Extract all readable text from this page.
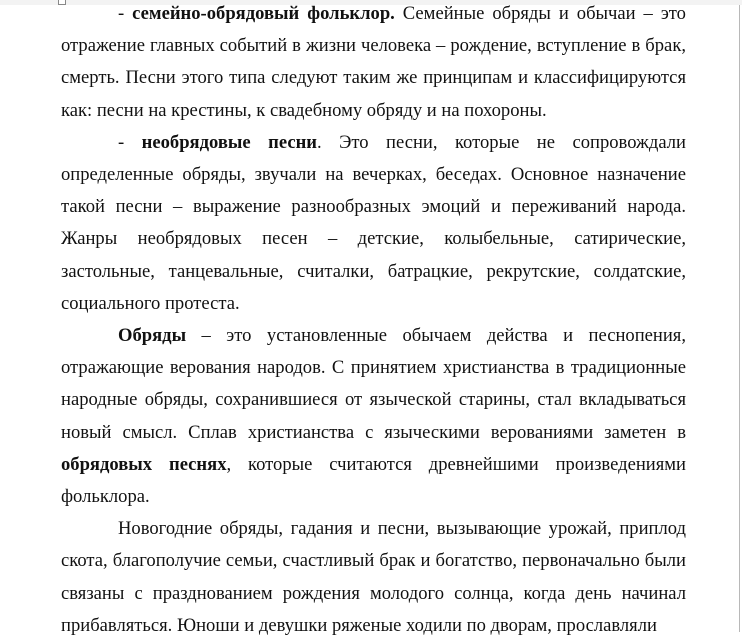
- семейно-обрядовый фольклор. Семейные обряды и обычаи – это отражение главных событий в жизни человека – рождение, вступление в брак, смерть. Песни этого типа следуют таким же принципам и классифицируются как: песни на крестины, к свадебному обряду и на похороны.

- необрядовые песни. Это песни, которые не сопровождали определенные обряды, звучали на вечерках, беседах. Основное назначение такой песни – выражение разнообразных эмоций и переживаний народа. Жанры необрядовых песен – детские, колыбельные, сатирические, застольные, танцевальные, считалки, батрацкие, рекрутские, солдатские, социального протеста.

Обряды – это установленные обычаем действа и песнопения, отражающие верования народов. С принятием христианства в традиционные народные обряды, сохранившиеся от языческой старины, стал вкладываться новый смысл. Сплав христианства с языческими верованиями заметен в обрядовых песнях, которые считаются древнейшими произведениями фольклора.

Новогодние обряды, гадания и песни, вызывающие урожай, приплод скота, благополучие семьи, счастливый брак и богатство, первоначально были связаны с празднованием рождения молодого солнца, когда день начинал прибавляться. Юноши и девушки ряженые ходили по дворам, прославляли
